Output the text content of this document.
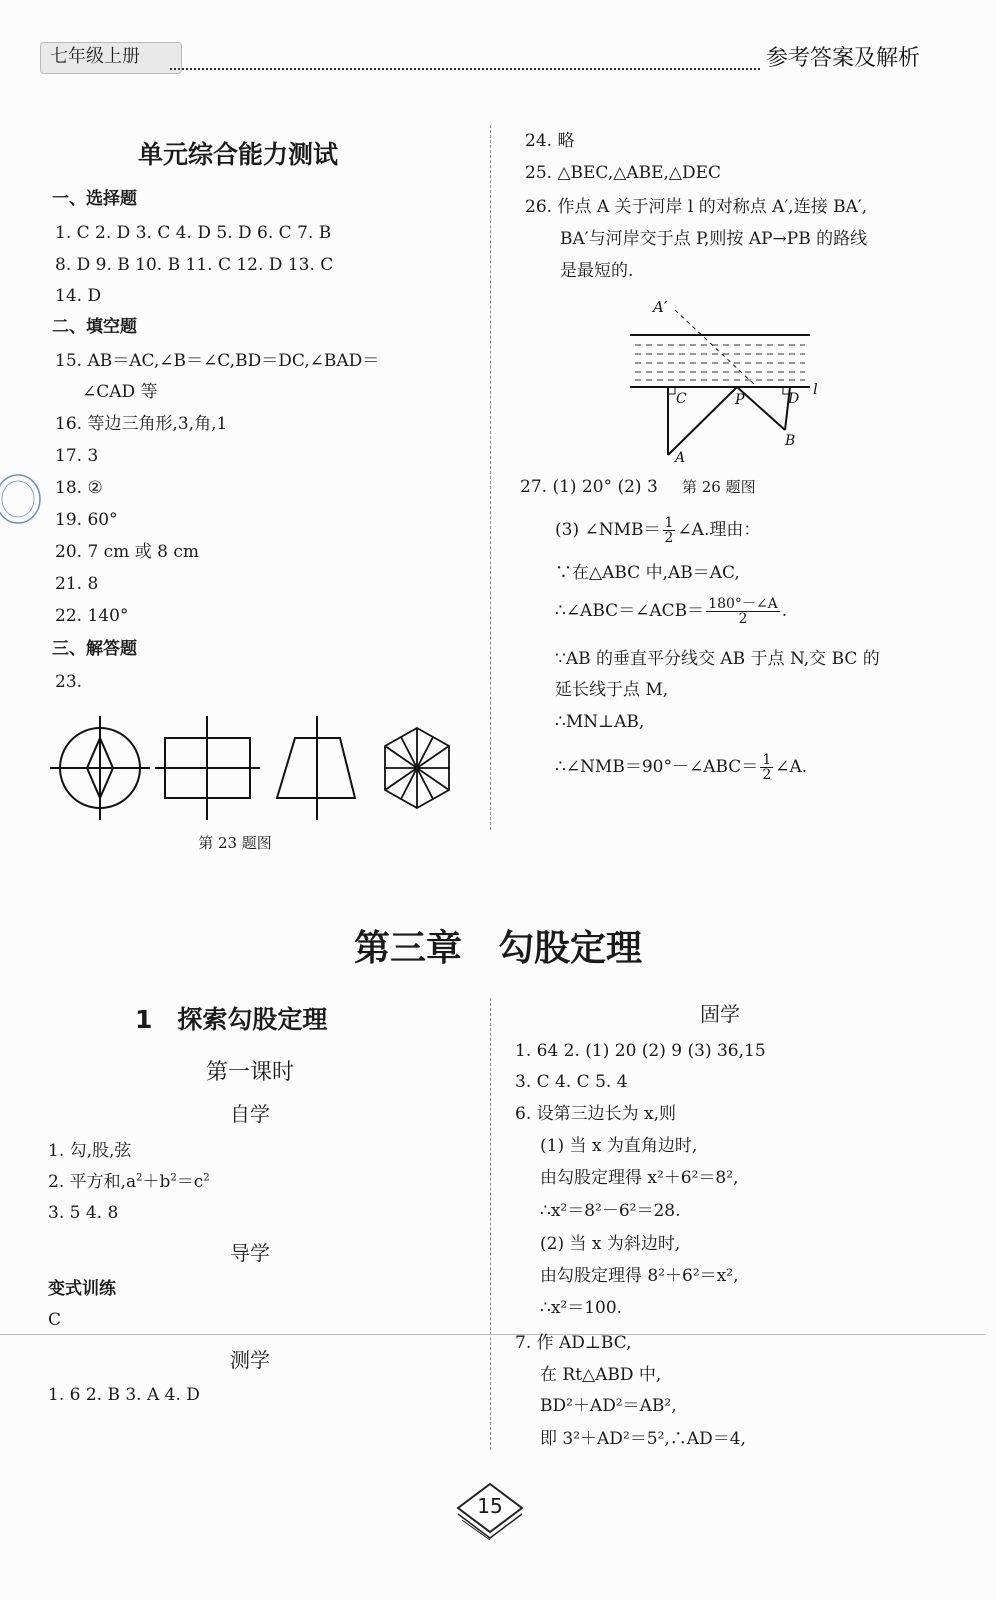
七年级上册	参考答案及解析
单元综合能力测试
一、选择题
1. C 2. D 3. C 4. D 5. D 6. C 7. B
8. D 9. B 10. B 11. C 12. D 13. C
14. D
二、填空题
15. AB＝AC,∠B＝∠C,BD＝DC,∠BAD＝
∠CAD 等
16. 等边三角形,3,角,1
17. 3
18. ②
19. 60°
20. 7 cm 或 8 cm
21. 8
22. 140°
三、解答题
23.
第 23 题图
24. 略
25. △BEC,△ABE,△DEC
26. 作点 A 关于河岸 l 的对称点 A′,连接 BA′,
BA′与河岸交于点 P,则按 AP→PB 的路线
是最短的.
A′
l
C	P	D
B
A
27. (1) 20° (2) 3 第 26 题图
(3) ∠NMB＝ $\frac{1}{2}$ ∠A.理由：
∵在△ABC 中,AB＝AC,
∴∠ABC＝∠ACB＝ $\frac{180^\circ-\angle A}{2}$ .
∵AB 的垂直平分线交 AB 于点 N,交 BC 的
延长线于点 M,
∴MN⊥AB,
∴∠NMB＝90°－∠ABC＝ $\frac{1}{2}$ ∠A.
第三章　勾股定理
1　探索勾股定理
第一课时
自学
1. 勾,股,弦
2. 平方和$,a^2+b^2=c^2$
3. 5 4. 8
导学
变式训练
C
测学
1. 6 2. B 3. A 4. D
固学
1. 64 2. (1) 20 (2) 9 (3) 36,15
3. C 4. C 5. 4
6. 设第三边长为 x,则
(1) 当 x 为直角边时,
由勾股定理得 x²＋6²＝8²,
∴x²＝8²－6²＝28.
(2) 当 x 为斜边时,
由勾股定理得 8²＋6²＝x²,
∴x²＝100.
7. 作 AD⊥BC,
在 Rt△ABD 中,
BD²＋AD²＝AB²,
即 3²＋AD²＝5²,∴AD＝4,
15
